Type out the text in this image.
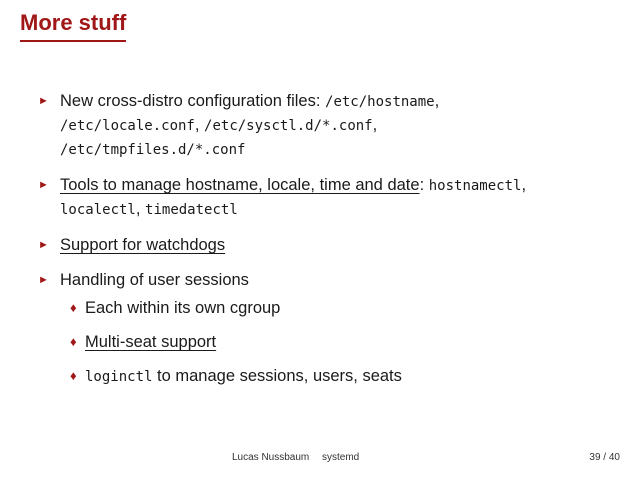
More stuff
► New cross-distro configuration files: /etc/hostname,
/etc/locale.conf, /etc/sysctl.d/*.conf,
/etc/tmpfiles.d/*.conf
► Tools to manage hostname, locale, time and date: hostnamectl,
localectl, timedatectl
► Support for watchdogs
► Handling of user sessions
♦ Each within its own cgroup
♦ Multi-seat support
♦ loginctl to manage sessions, users, seats
Lucas Nussbaum systemd	39 / 40
